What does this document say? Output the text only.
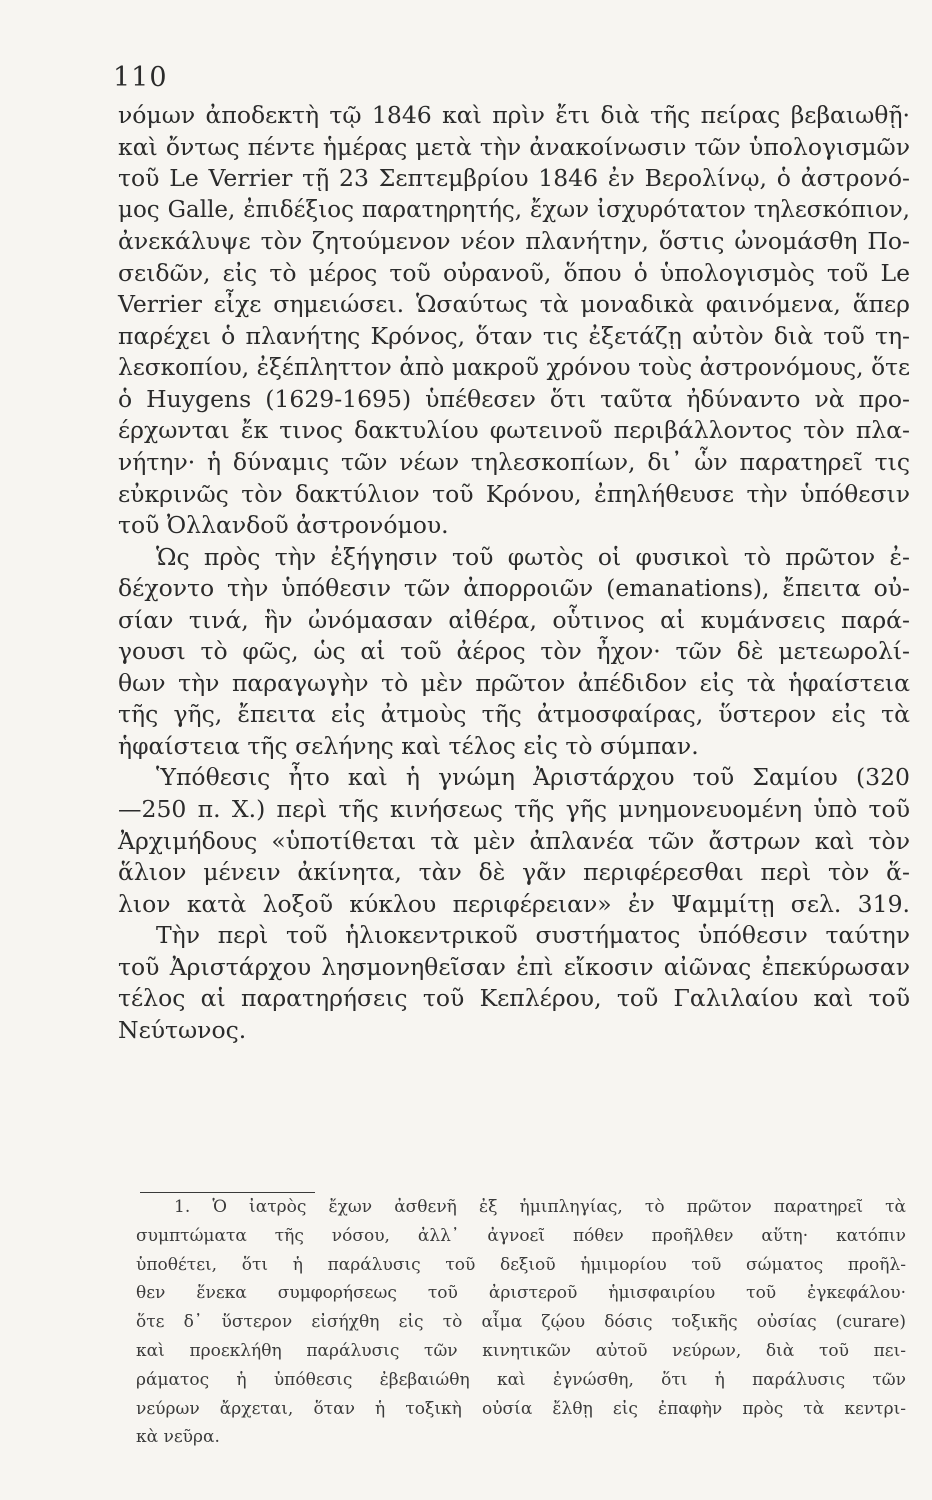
110
νόμων ἀποδεκτὴ τῷ 1846 καὶ πρὶν ἔτι διὰ τῆς πείρας βεβαιωθῇ·
καὶ ὄντως πέντε ἡμέρας μετὰ τὴν ἀνακοίνωσιν τῶν ὑπολογισμῶν
τοῦ Le Verrier τῇ 23 Σεπτεμβρίου 1846 ἐν Βερολίνῳ, ὁ ἀστρονό-
μος Galle, ἐπιδέξιος παρατηρητής, ἔχων ἰσχυρότατον τηλεσκόπιον,
ἀνεκάλυψε τὸν ζητούμενον νέον πλανήτην, ὅστις ὠνομάσθη Πο-
σειδῶν, εἰς τὸ μέρος τοῦ οὐρανοῦ, ὅπου ὁ ὑπολογισμὸς τοῦ Le
Verrier εἶχε σημειώσει. Ὡσαύτως τὰ μοναδικὰ φαινόμενα, ἅπερ
παρέχει ὁ πλανήτης Κρόνος, ὅταν τις ἐξετάζῃ αὐτὸν διὰ τοῦ τη-
λεσκοπίου, ἐξέπληττον ἀπὸ μακροῦ χρόνου τοὺς ἀστρονόμους, ὅτε
ὁ Huygens (1629-1695) ὑπέθεσεν ὅτι ταῦτα ἠδύναντο νὰ προ-
έρχωνται ἔκ τινος δακτυλίου φωτεινοῦ περιβάλλοντος τὸν πλα-
νήτην· ἡ δύναμις τῶν νέων τηλεσκοπίων, δι᾽ ὧν παρατηρεῖ τις
εὐκρινῶς τὸν δακτύλιον τοῦ Κρόνου, ἐπηλήθευσε τὴν ὑπόθεσιν
τοῦ Ὀλλανδοῦ ἀστρονόμου.
Ὡς πρὸς τὴν ἐξήγησιν τοῦ φωτὸς οἱ φυσικοὶ τὸ πρῶτον ἐ-
δέχοντο τὴν ὑπόθεσιν τῶν ἀπορροιῶν (emanations), ἔπειτα οὐ-
σίαν τινά, ἣν ὠνόμασαν αἰθέρα, οὗτινος αἱ κυμάνσεις παρά-
γουσι τὸ φῶς, ὡς αἱ τοῦ ἀέρος τὸν ἦχον· τῶν δὲ μετεωρολί-
θων τὴν παραγωγὴν τὸ μὲν πρῶτον ἀπέδιδον εἰς τὰ ἡφαίστεια
τῆς γῆς, ἔπειτα εἰς ἀτμοὺς τῆς ἀτμοσφαίρας, ὕστερον εἰς τὰ
ἡφαίστεια τῆς σελήνης καὶ τέλος εἰς τὸ σύμπαν.
Ὑπόθεσις ἦτο καὶ ἡ γνώμη Ἀριστάρχου τοῦ Σαμίου (320
—250 π. Χ.) περὶ τῆς κινήσεως τῆς γῆς μνημονευομένη ὑπὸ τοῦ
Ἀρχιμήδους «ὑποτίθεται τὰ μὲν ἀπλανέα τῶν ἄστρων καὶ τὸν
ἅλιον μένειν ἀκίνητα, τὰν δὲ γᾶν περιφέρεσθαι περὶ τὸν ἅ-
λιον κατὰ λοξοῦ κύκλου περιφέρειαν» ἐν Ψαμμίτῃ σελ. 319.
Τὴν περὶ τοῦ ἡλιοκεντρικοῦ συστήματος ὑπόθεσιν ταύτην
τοῦ Ἀριστάρχου λησμονηθεῖσαν ἐπὶ εἴκοσιν αἰῶνας ἐπεκύρωσαν
τέλος αἱ παρατηρήσεις τοῦ Κεπλέρου, τοῦ Γαλιλαίου καὶ τοῦ
Νεύτωνος.
1. Ὁ ἰατρὸς ἔχων ἀσθενῆ ἐξ ἡμιπληγίας, τὸ πρῶτον παρατηρεῖ τὰ
συμπτώματα τῆς νόσου, ἀλλ᾽ ἀγνοεῖ πόθεν προῆλθεν αὕτη· κατόπιν
ὑποθέτει, ὅτι ἡ παράλυσις τοῦ δεξιοῦ ἡμιμορίου τοῦ σώματος προῆλ-
θεν ἕνεκα συμφορήσεως τοῦ ἀριστεροῦ ἡμισφαιρίου τοῦ ἐγκεφάλου·
ὅτε δ᾽ ὕστερον εἰσήχθη εἰς τὸ αἷμα ζῴου δόσις τοξικῆς οὐσίας (curare)
καὶ προεκλήθη παράλυσις τῶν κινητικῶν αὐτοῦ νεύρων, διὰ τοῦ πει-
ράματος ἡ ὑπόθεσις ἐβεβαιώθη καὶ ἐγνώσθη, ὅτι ἡ παράλυσις τῶν
νεύρων ἄρχεται, ὅταν ἡ τοξικὴ οὐσία ἔλθῃ εἰς ἐπαφὴν πρὸς τὰ κεντρι-
κὰ νεῦρα.
